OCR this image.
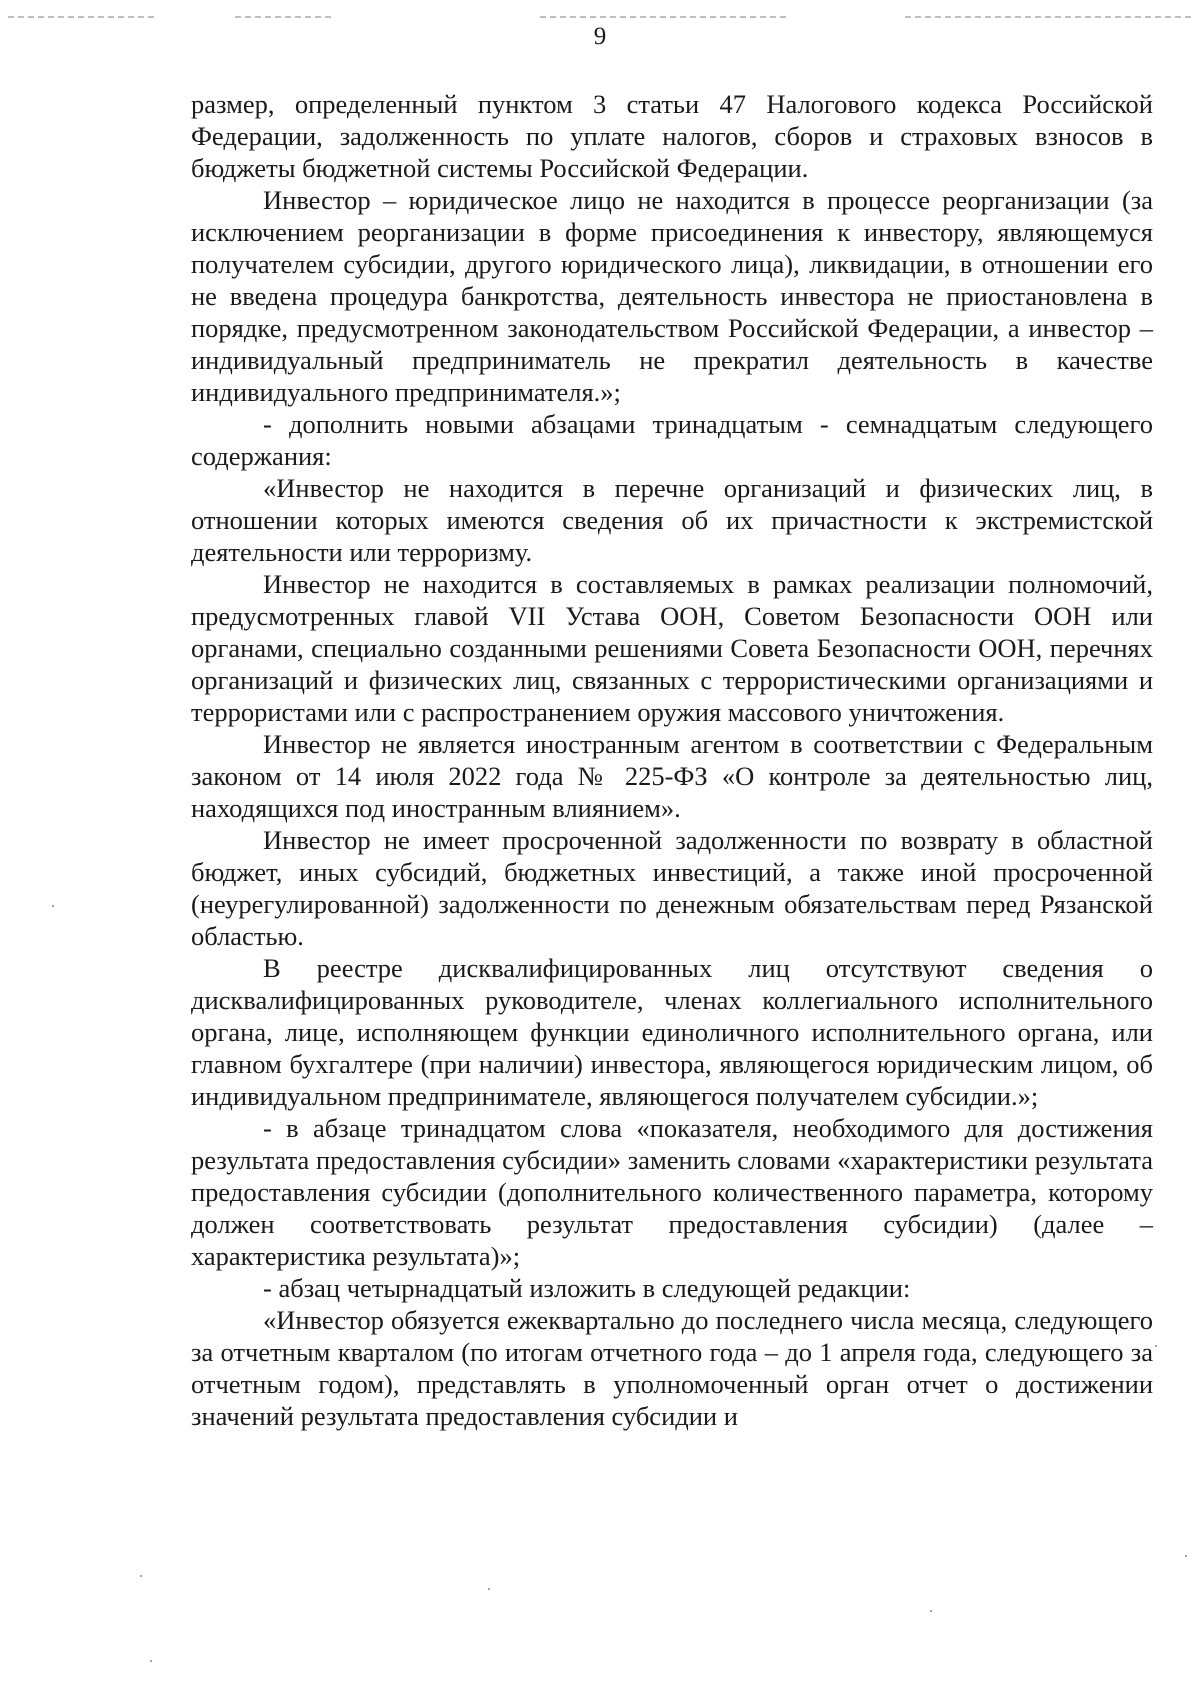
9

размер, определенный пунктом 3 статьи 47 Налогового кодекса Российской Федерации, задолженность по уплате налогов, сборов и страховых взносов в бюджеты бюджетной системы Российской Федерации.

Инвестор – юридическое лицо не находится в процессе реорганизации (за исключением реорганизации в форме присоединения к инвестору, являющемуся получателем субсидии, другого юридического лица), ликвидации, в отношении его не введена процедура банкротства, деятельность инвестора не приостановлена в порядке, предусмотренном законодательством Российской Федерации, а инвестор – индивидуальный предприниматель не прекратил деятельность в качестве индивидуального предпринимателя.»;

- дополнить новыми абзацами тринадцатым - семнадцатым следующего содержания:

«Инвестор не находится в перечне организаций и физических лиц, в отношении которых имеются сведения об их причастности к экстремистской деятельности или терроризму.

Инвестор не находится в составляемых в рамках реализации полномочий, предусмотренных главой VII Устава ООН, Советом Безопасности ООН или органами, специально созданными решениями Совета Безопасности ООН, перечнях организаций и физических лиц, связанных с террористическими организациями и террористами или с распространением оружия массового уничтожения.

Инвестор не является иностранным агентом в соответствии с Федеральным законом от 14 июля 2022 года № 225-ФЗ «О контроле за деятельностью лиц, находящихся под иностранным влиянием».

Инвестор не имеет просроченной задолженности по возврату в областной бюджет, иных субсидий, бюджетных инвестиций, а также иной просроченной (неурегулированной) задолженности по денежным обязательствам перед Рязанской областью.

В реестре дисквалифицированных лиц отсутствуют сведения о дисквалифицированных руководителе, членах коллегиального исполнительного органа, лице, исполняющем функции единоличного исполнительного органа, или главном бухгалтере (при наличии) инвестора, являющегося юридическим лицом, об индивидуальном предпринимателе, являющегося получателем субсидии.»;

- в абзаце тринадцатом слова «показателя, необходимого для достижения результата предоставления субсидии» заменить словами «характеристики результата предоставления субсидии (дополнительного количественного параметра, которому должен соответствовать результат предоставления субсидии) (далее – характеристика результата)»;

- абзац четырнадцатый изложить в следующей редакции:

«Инвестор обязуется ежеквартально до последнего числа месяца, следующего за отчетным кварталом (по итогам отчетного года – до 1 апреля года, следующего за отчетным годом), представлять в уполномоченный орган отчет о достижении значений результата предоставления субсидии и
